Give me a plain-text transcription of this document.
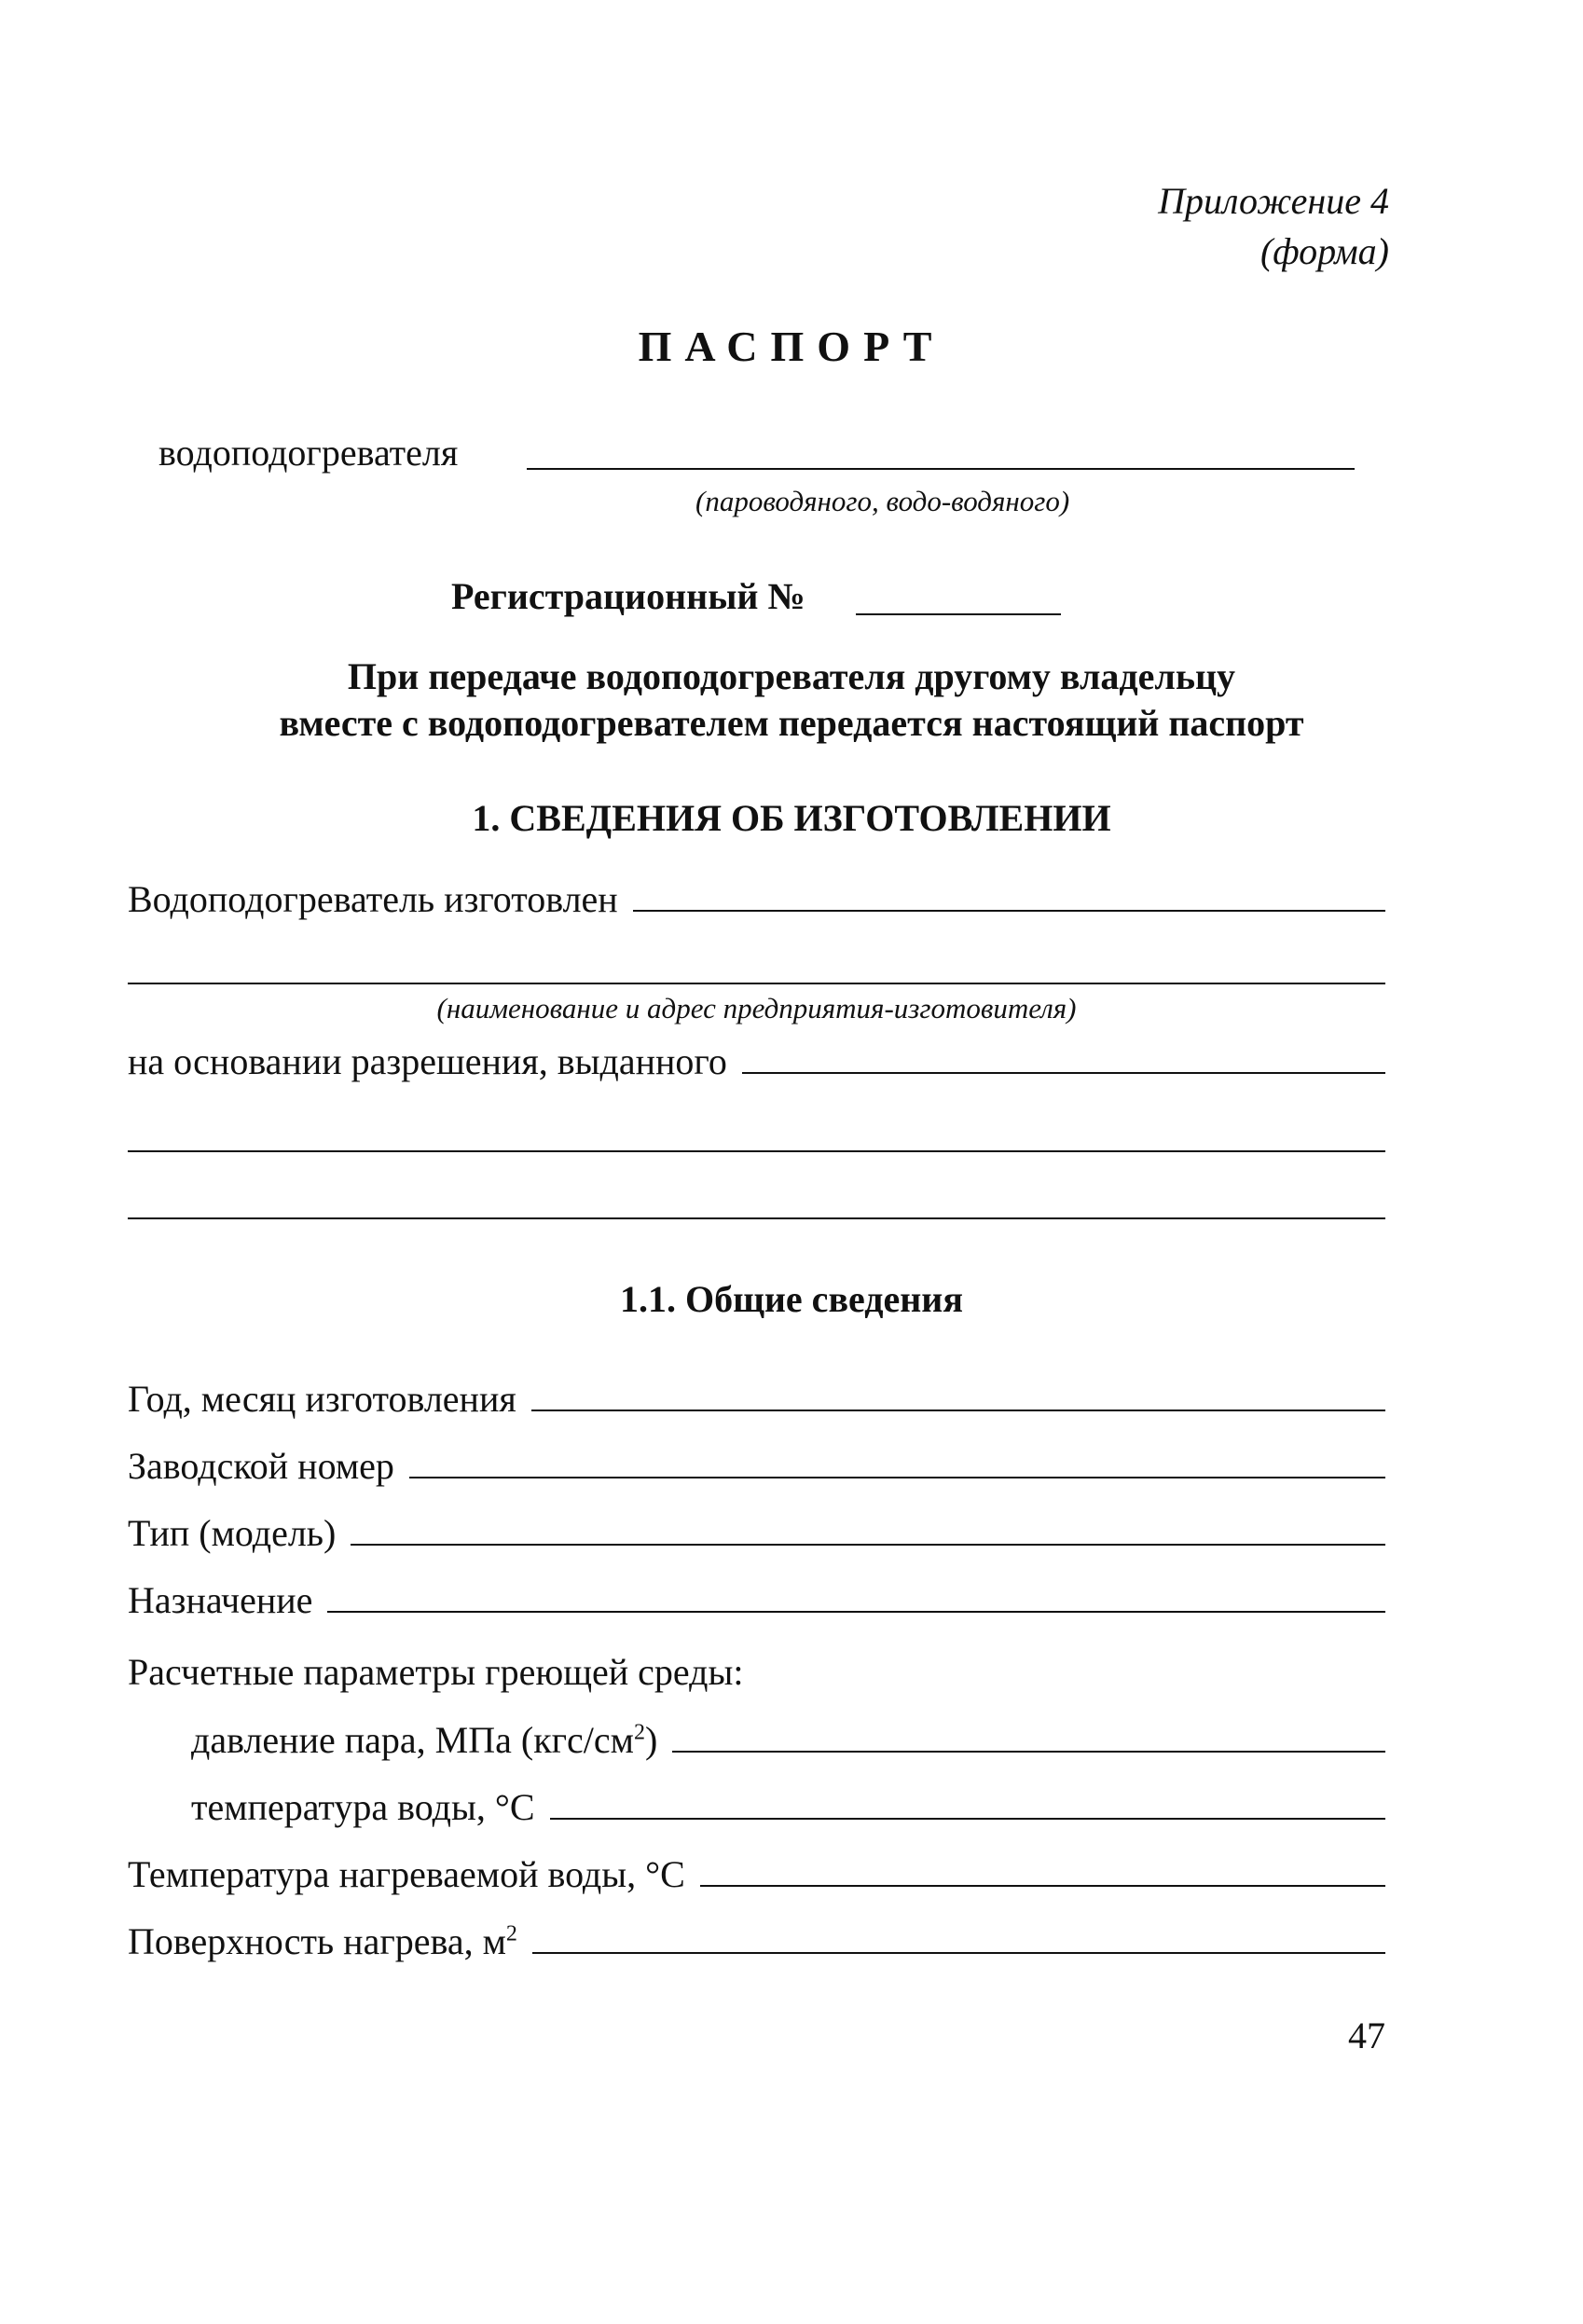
Приложение 4
(форма)
ПАСПОРТ
водоподогревателя
(пароводяного, водо-водяного)
Регистрационный №
При передаче водоподогревателя другому владельцу
вместе с водоподогревателем передается настоящий паспорт
1. СВЕДЕНИЯ ОБ ИЗГОТОВЛЕНИИ
Водоподогреватель изготовлен
(наименование и адрес предприятия-изготовителя)
на основании разрешения, выданного
1.1. Общие сведения
Год, месяц изготовления
Заводской номер
Тип (модель)
Назначение
Расчетные параметры греющей среды:
давление пара, МПа $(кгс/см^2)$
температура воды, °С
Температура нагреваемой воды, °С
Поверхность нагрева, $м^2$
47
